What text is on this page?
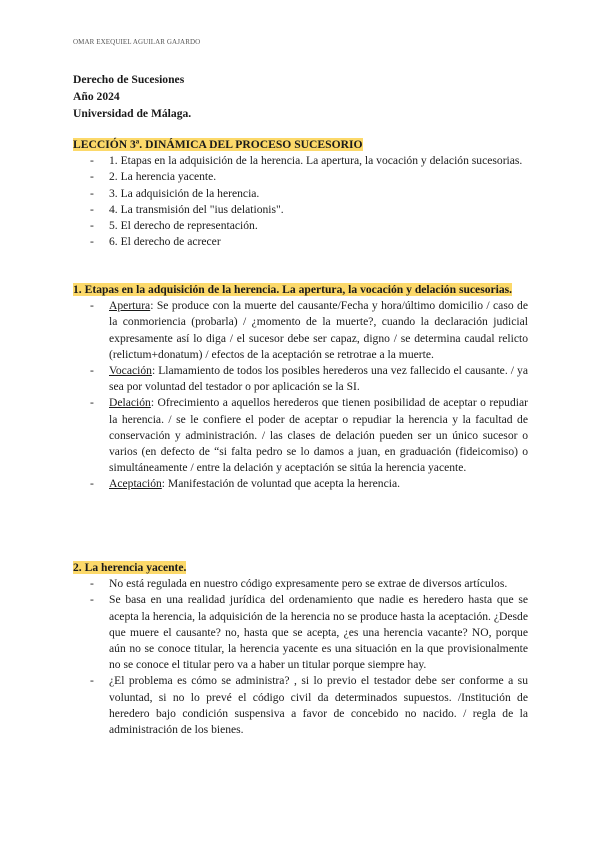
OMAR EXEQUIEL AGUILAR GAJARDO
Derecho de Sucesiones
Año 2024
Universidad de Málaga.
LECCIÓN 3ª. DINÁMICA DEL PROCESO SUCESORIO
- 1. Etapas en la adquisición de la herencia. La apertura, la vocación y delación sucesorias.
- 2. La herencia yacente.
- 3. La adquisición de la herencia.
- 4. La transmisión del "ius delationis".
- 5. El derecho de representación.
- 6. El derecho de acrecer
1. Etapas en la adquisición de la herencia. La apertura, la vocación y delación sucesorias.
- Apertura: Se produce con la muerte del causante/Fecha y hora/último domicilio / caso de la conmoriencia (probarla) / ¿momento de la muerte?, cuando la declaración judicial expresamente así lo diga / el sucesor debe ser capaz, digno / se determina caudal relicto (relictum+donatum) / efectos de la aceptación se retrotrae a la muerte.
- Vocación: Llamamiento de todos los posibles herederos una vez fallecido el causante. / ya sea por voluntad del testador o por aplicación se la SI.
- Delación: Ofrecimiento a aquellos herederos que tienen posibilidad de aceptar o repudiar la herencia. / se le confiere el poder de aceptar o repudiar la herencia y la facultad de conservación y administración. / las clases de delación pueden ser un único sucesor o varios (en defecto de “si falta pedro se lo damos a juan, en graduación (fideicomiso) o simultáneamente / entre la delación y aceptación se sitúa la herencia yacente.
- Aceptación: Manifestación de voluntad que acepta la herencia.
2. La herencia yacente.
- No está regulada en nuestro código expresamente pero se extrae de diversos artículos.
- Se basa en una realidad jurídica del ordenamiento que nadie es heredero hasta que se acepta la herencia, la adquisición de la herencia no se produce hasta la aceptación. ¿Desde que muere el causante? no, hasta que se acepta, ¿es una herencia vacante? NO, porque aún no se conoce titular, la herencia yacente es una situación en la que provisionalmente no se conoce el titular pero va a haber un titular porque siempre hay.
- ¿El problema es cómo se administra? , si lo previo el testador debe ser conforme a su voluntad, si no lo prevé el código civil da determinados supuestos. /Institución de heredero bajo condición suspensiva a favor de concebido no nacido. / regla de la administración de los bienes.
